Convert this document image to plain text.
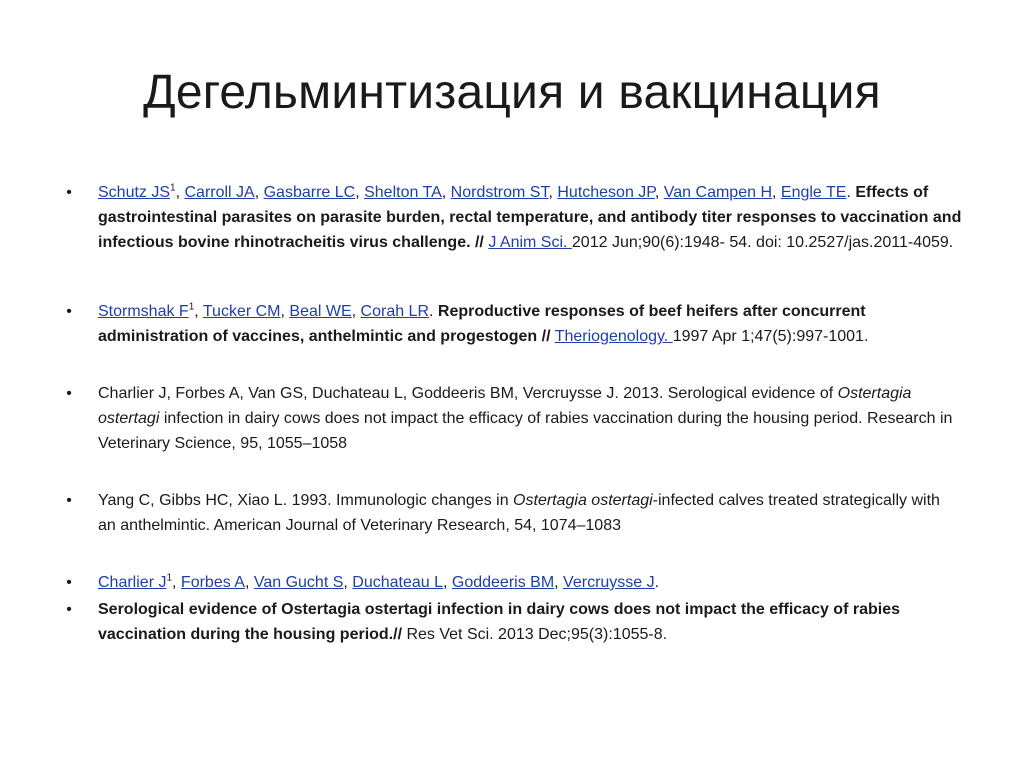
Дегельминтизация и вакцинация
• Schutz $JS^1$, Carroll JA, Gasbarre LC, Shelton TA, Nordstrom ST, Hutcheson JP, Van Campen H, Engle TE. Effects of gastrointestinal parasites on parasite burden, rectal temperature, and antibody titer responses to vaccination and infectious bovine rhinotracheitis virus challenge. // J Anim Sci. 2012 Jun;90(6):1948- 54. doi: 10.2527/jas.2011-4059.
• Stormshak $F^1$, Tucker CM, Beal WE, Corah LR. Reproductive responses of beef heifers after concurrent administration of vaccines, anthelmintic and progestogen // Theriogenology. 1997 Apr 1;47(5):997-1001.
• Charlier J, Forbes A, Van GS, Duchateau L, Goddeeris BM, Vercruysse J. 2013. Serological evidence of Ostertagia ostertagi infection in dairy cows does not impact the efficacy of rabies vaccination during the housing period. Research in Veterinary Science, 95, 1055–1058
• Yang C, Gibbs HC, Xiao L. 1993. Immunologic changes in Ostertagia ostertagi-infected calves treated strategically with an anthelmintic. American Journal of Veterinary Research, 54, 1074–1083
• Charlier $J^1$, Forbes A, Van Gucht S, Duchateau L, Goddeeris BM, Vercruysse J.
• Serological evidence of Ostertagia ostertagi infection in dairy cows does not impact the efficacy of rabies vaccination during the housing period.// Res Vet Sci. 2013 Dec;95(3):1055-8.
